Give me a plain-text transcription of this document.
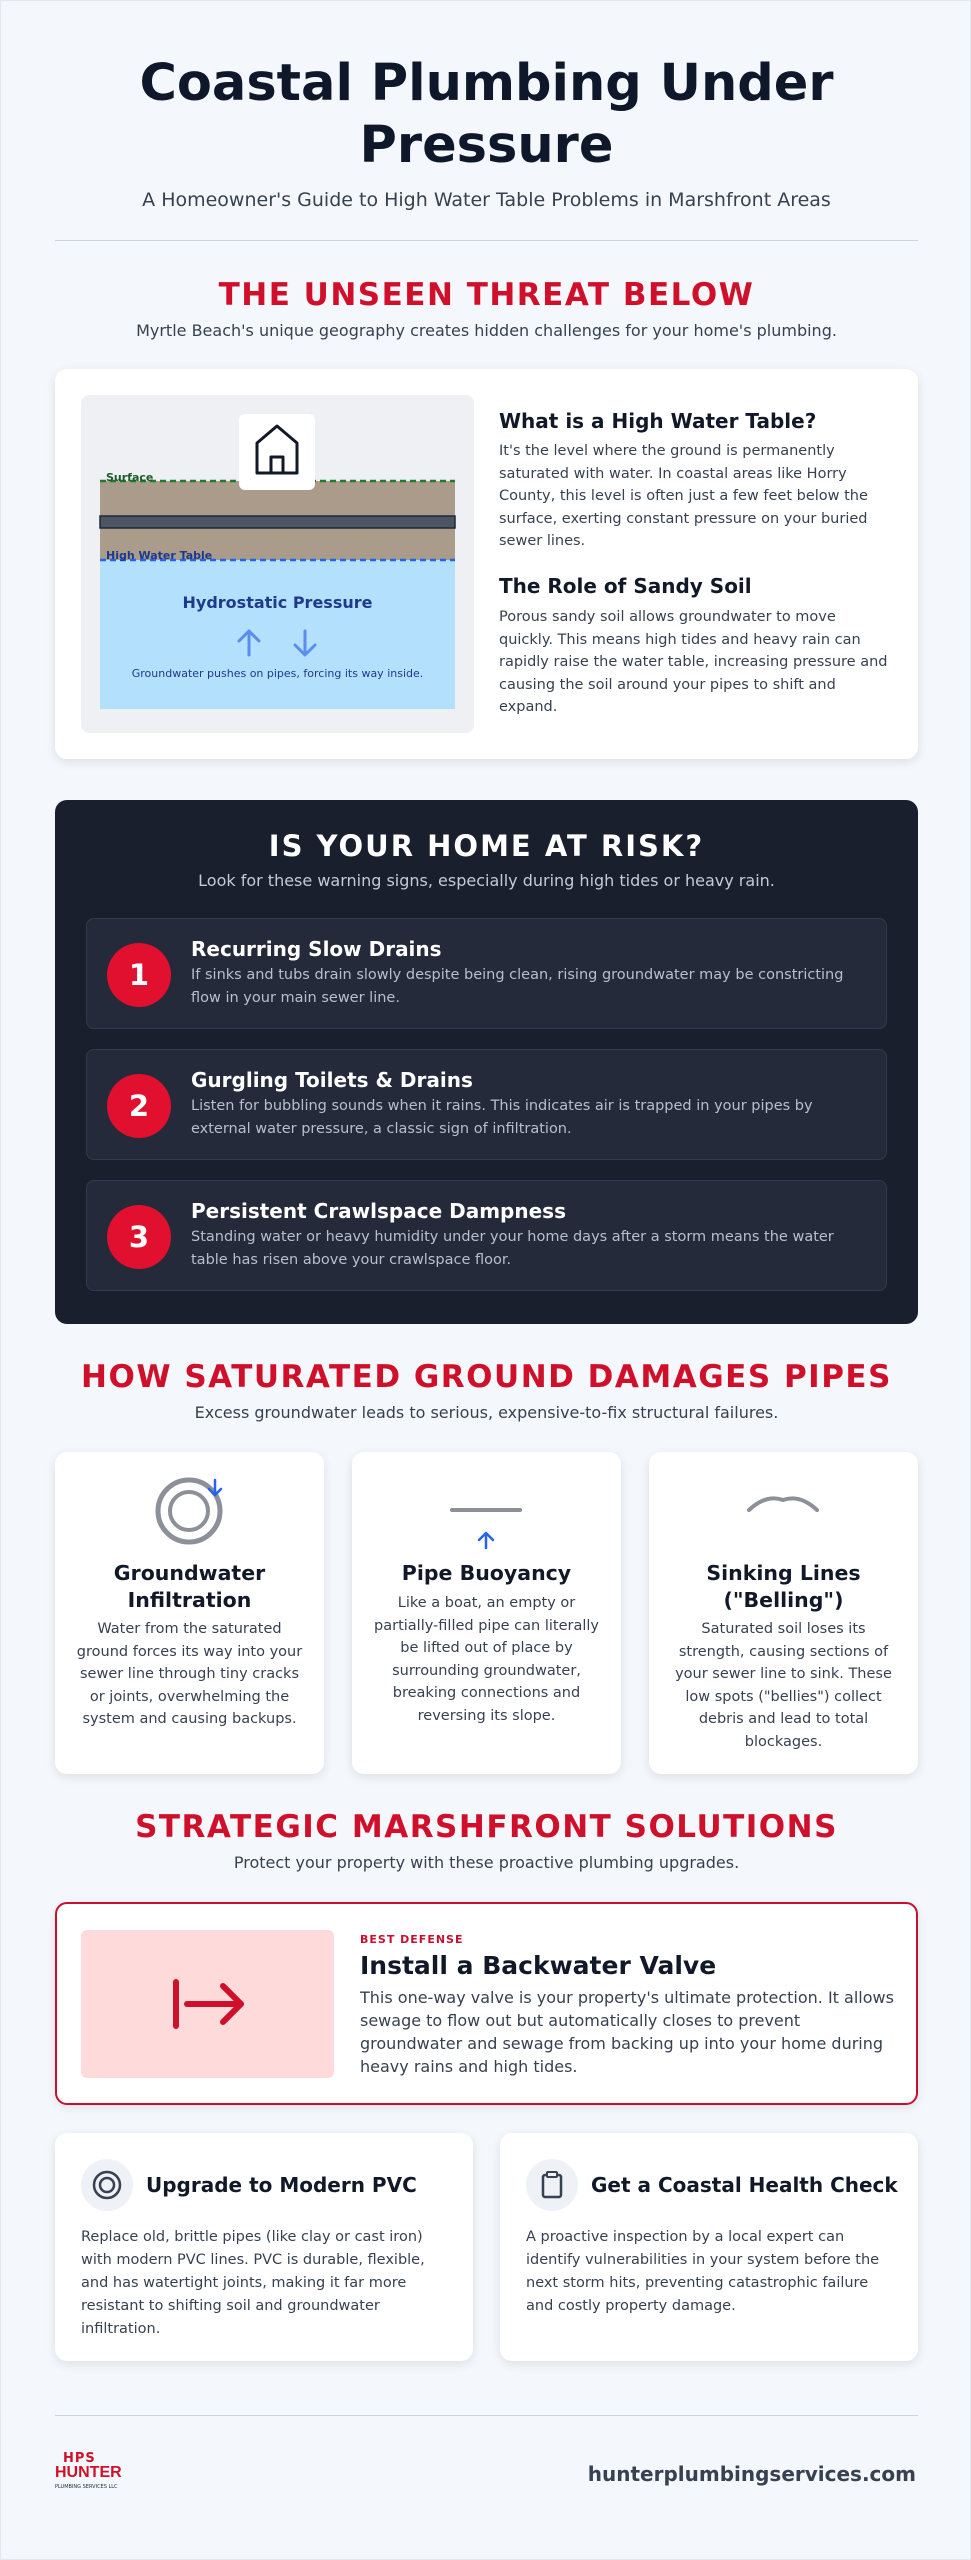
Coastal Plumbing Under Pressure
A Homeowner's Guide to High Water Table Problems in Marshfront Areas
THE UNSEEN THREAT BELOW
Myrtle Beach's unique geography creates hidden challenges for your home's plumbing.
Surface
High Water Table
Hydrostatic Pressure
Groundwater pushes on pipes, forcing its way inside.
What is a High Water Table?
It's the level where the ground is permanently saturated with water. In coastal areas like Horry County, this level is often just a few feet below the surface, exerting constant pressure on your buried sewer lines.
The Role of Sandy Soil
Porous sandy soil allows groundwater to move quickly. This means high tides and heavy rain can rapidly raise the water table, increasing pressure and causing the soil around your pipes to shift and expand.
IS YOUR HOME AT RISK?
Look for these warning signs, especially during high tides or heavy rain.
1
Recurring Slow Drains
If sinks and tubs drain slowly despite being clean, rising groundwater may be constricting flow in your main sewer line.
2
Gurgling Toilets & Drains
Listen for bubbling sounds when it rains. This indicates air is trapped in your pipes by external water pressure, a classic sign of infiltration.
3
Persistent Crawlspace Dampness
Standing water or heavy humidity under your home days after a storm means the water table has risen above your crawlspace floor.
HOW SATURATED GROUND DAMAGES PIPES
Excess groundwater leads to serious, expensive-to-fix structural failures.
Groundwater
Infiltration
Water from the saturated ground forces its way into your sewer line through tiny cracks or joints, overwhelming the system and causing backups.
Pipe Buoyancy
Like a boat, an empty or partially-filled pipe can literally be lifted out of place by surrounding groundwater, breaking connections and reversing its slope.
Sinking Lines
("Belling")
Saturated soil loses its strength, causing sections of your sewer line to sink. These low spots ("bellies") collect debris and lead to total blockages.
STRATEGIC MARSHFRONT SOLUTIONS
Protect your property with these proactive plumbing upgrades.
BEST DEFENSE
Install a Backwater Valve
This one-way valve is your property's ultimate protection. It allows sewage to flow out but automatically closes to prevent groundwater and sewage from backing up into your home during heavy rains and high tides.
Upgrade to Modern PVC
Replace old, brittle pipes (like clay or cast iron) with modern PVC lines. PVC is durable, flexible, and has watertight joints, making it far more resistant to shifting soil and groundwater infiltration.
Get a Coastal Health Check
A proactive inspection by a local expert can identify vulnerabilities in your system before the next storm hits, preventing catastrophic failure and costly property damage.
HPS
HUNTER
PLUMBING SERVICES LLC
hunterplumbingservices.com
